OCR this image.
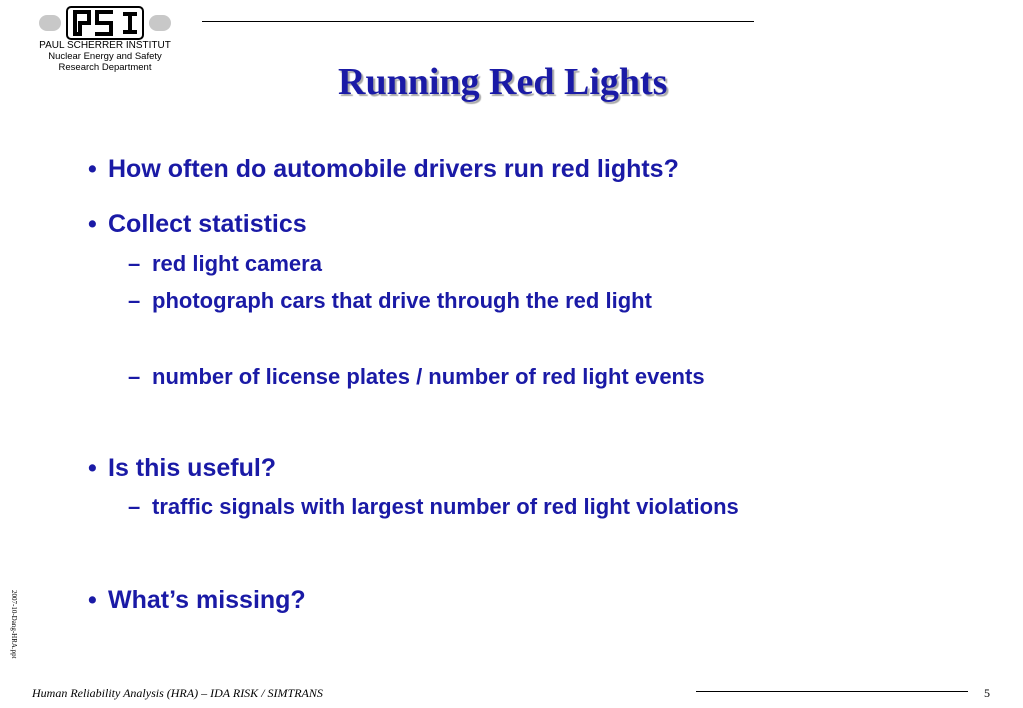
PAUL SCHERRER INSTITUT
Nuclear Energy and Safety
Research Department	Running Red Lights
• How often do automobile drivers run red lights?
• Collect statistics
– red light camera
– photograph cars that drive through the red light
– number of license plates / number of red light events
• Is this useful?
– traffic signals with largest number of red light violations
• What’s missing?
2007-10-Dang-HRA.ppt
Human Reliability Analysis (HRA) – IDA RISK / SIMTRANS	5
